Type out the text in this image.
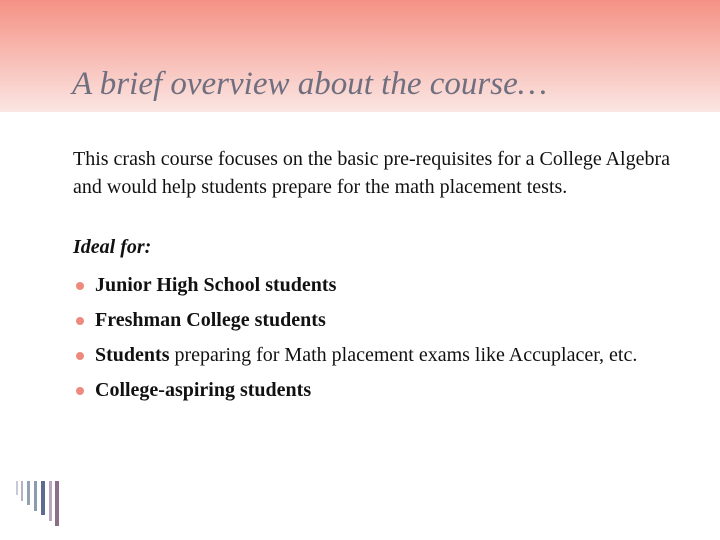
A brief overview about the course…

This crash course focuses on the basic pre-requisites for a College Algebra and would help students prepare for the math placement tests.

Ideal for:

Junior High School students
Freshman College students
Students preparing for Math placement exams like Accuplacer, etc.
College-aspiring students
